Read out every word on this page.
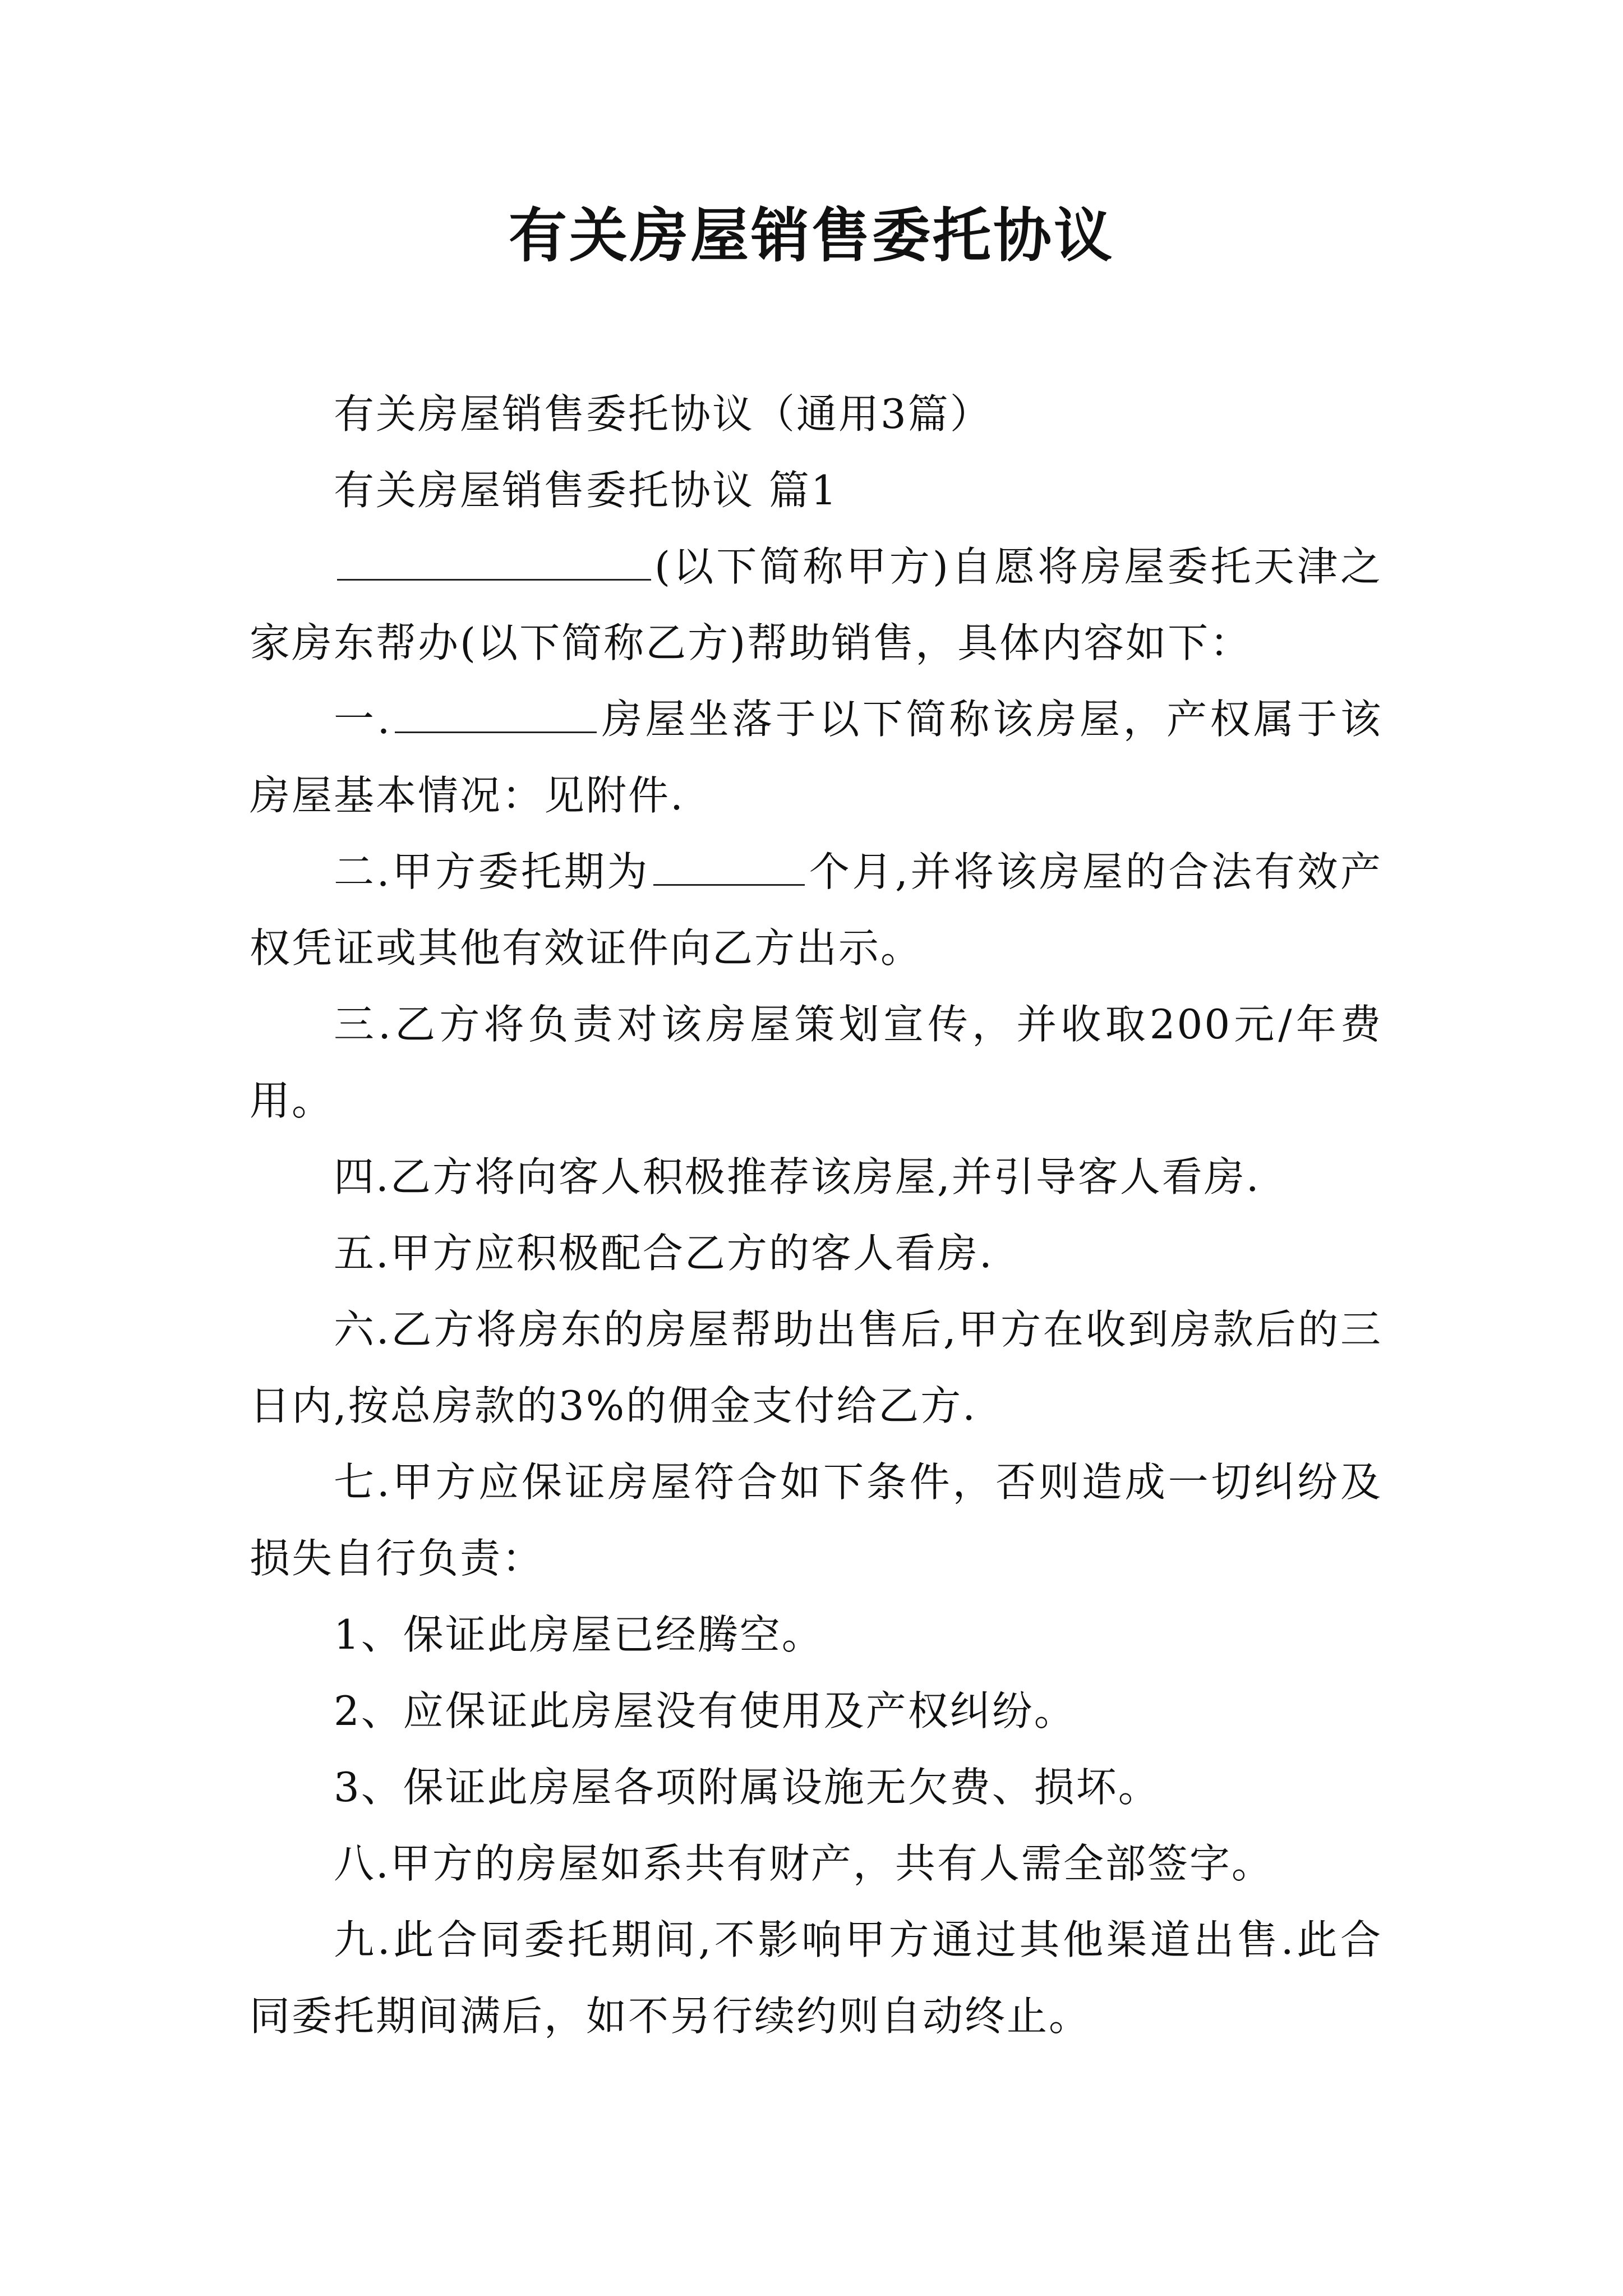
有关房屋销售委托协议

有关房屋销售委托协议（通用3篇）

有关房屋销售委托协议 篇1

(以下简称甲方)自愿将房屋委托天津之家房东帮办(以下简称乙方)帮助销售，具体内容如下：

一.	房屋坐落于以下简称该房屋，产权属于该房屋基本情况：见附件.

二.甲方委托期为	个月,并将该房屋的合法有效产权凭证或其他有效证件向乙方出示。

三.乙方将负责对该房屋策划宣传，并收取200元/年费用。

四.乙方将向客人积极推荐该房屋,并引导客人看房.

五.甲方应积极配合乙方的客人看房.

六.乙方将房东的房屋帮助出售后,甲方在收到房款后的三日内,按总房款的3%的佣金支付给乙方.

七.甲方应保证房屋符合如下条件，否则造成一切纠纷及损失自行负责：

1、保证此房屋已经腾空。

2、应保证此房屋没有使用及产权纠纷。

3、保证此房屋各项附属设施无欠费、损坏。

八.甲方的房屋如系共有财产，共有人需全部签字。

九.此合同委托期间,不影响甲方通过其他渠道出售.此合同委托期间满后，如不另行续约则自动终止。
